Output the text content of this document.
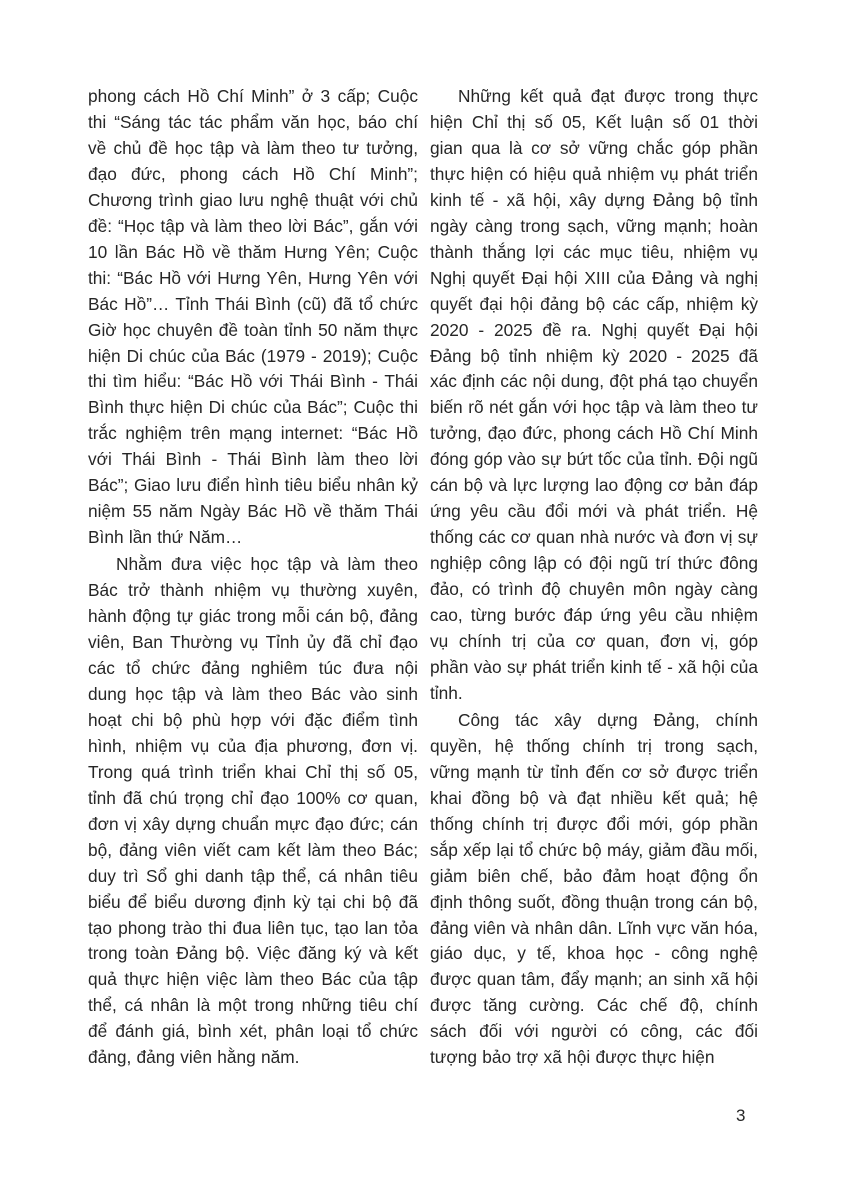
phong cách Hồ Chí Minh” ở 3 cấp; Cuộc thi “Sáng tác tác phẩm văn học, báo chí về chủ đề học tập và làm theo tư tưởng, đạo đức, phong cách Hồ Chí Minh”; Chương trình giao lưu nghệ thuật với chủ đề: “Học tập và làm theo lời Bác”, gắn với 10 lần Bác Hồ về thăm Hưng Yên; Cuộc thi: “Bác Hồ với Hưng Yên, Hưng Yên với Bác Hồ”… Tỉnh Thái Bình (cũ) đã tổ chức Giờ học chuyên đề toàn tỉnh 50 năm thực hiện Di chúc của Bác (1979 - 2019); Cuộc thi tìm hiểu: “Bác Hồ với Thái Bình - Thái Bình thực hiện Di chúc của Bác”; Cuộc thi trắc nghiệm trên mạng internet: “Bác Hồ với Thái Bình - Thái Bình làm theo lời Bác”; Giao lưu điển hình tiêu biểu nhân kỷ niệm 55 năm Ngày Bác Hồ về thăm Thái Bình lần thứ Năm…

Nhằm đưa việc học tập và làm theo Bác trở thành nhiệm vụ thường xuyên, hành động tự giác trong mỗi cán bộ, đảng viên, Ban Thường vụ Tỉnh ủy đã chỉ đạo các tổ chức đảng nghiêm túc đưa nội dung học tập và làm theo Bác vào sinh hoạt chi bộ phù hợp với đặc điểm tình hình, nhiệm vụ của địa phương, đơn vị. Trong quá trình triển khai Chỉ thị số 05, tỉnh đã chú trọng chỉ đạo 100% cơ quan, đơn vị xây dựng chuẩn mực đạo đức; cán bộ, đảng viên viết cam kết làm theo Bác; duy trì Sổ ghi danh tập thể, cá nhân tiêu biểu để biểu dương định kỳ tại chi bộ đã tạo phong trào thi đua liên tục, tạo lan tỏa trong toàn Đảng bộ. Việc đăng ký và kết quả thực hiện việc làm theo Bác của tập thể, cá nhân là một trong những tiêu chí để đánh giá, bình xét, phân loại tổ chức đảng, đảng viên hằng năm.

Những kết quả đạt được trong thực hiện Chỉ thị số 05, Kết luận số 01 thời gian qua là cơ sở vững chắc góp phần thực hiện có hiệu quả nhiệm vụ phát triển kinh tế - xã hội, xây dựng Đảng bộ tỉnh ngày càng trong sạch, vững mạnh; hoàn thành thắng lợi các mục tiêu, nhiệm vụ Nghị quyết Đại hội XIII của Đảng và nghị quyết đại hội đảng bộ các cấp, nhiệm kỳ 2020 - 2025 đề ra. Nghị quyết Đại hội Đảng bộ tỉnh nhiệm kỳ 2020 - 2025 đã xác định các nội dung, đột phá tạo chuyển biến rõ nét gắn với học tập và làm theo tư tưởng, đạo đức, phong cách Hồ Chí Minh đóng góp vào sự bứt tốc của tỉnh. Đội ngũ cán bộ và lực lượng lao động cơ bản đáp ứng yêu cầu đổi mới và phát triển. Hệ thống các cơ quan nhà nước và đơn vị sự nghiệp công lập có đội ngũ trí thức đông đảo, có trình độ chuyên môn ngày càng cao, từng bước đáp ứng yêu cầu nhiệm vụ chính trị của cơ quan, đơn vị, góp phần vào sự phát triển kinh tế - xã hội của tỉnh.

Công tác xây dựng Đảng, chính quyền, hệ thống chính trị trong sạch, vững mạnh từ tỉnh đến cơ sở được triển khai đồng bộ và đạt nhiều kết quả; hệ thống chính trị được đổi mới, góp phần sắp xếp lại tổ chức bộ máy, giảm đầu mối, giảm biên chế, bảo đảm hoạt động ổn định thông suốt, đồng thuận trong cán bộ, đảng viên và nhân dân. Lĩnh vực văn hóa, giáo dục, y tế, khoa học - công nghệ được quan tâm, đẩy mạnh; an sinh xã hội được tăng cường. Các chế độ, chính sách đối với người có công, các đối tượng bảo trợ xã hội được thực hiện

3
